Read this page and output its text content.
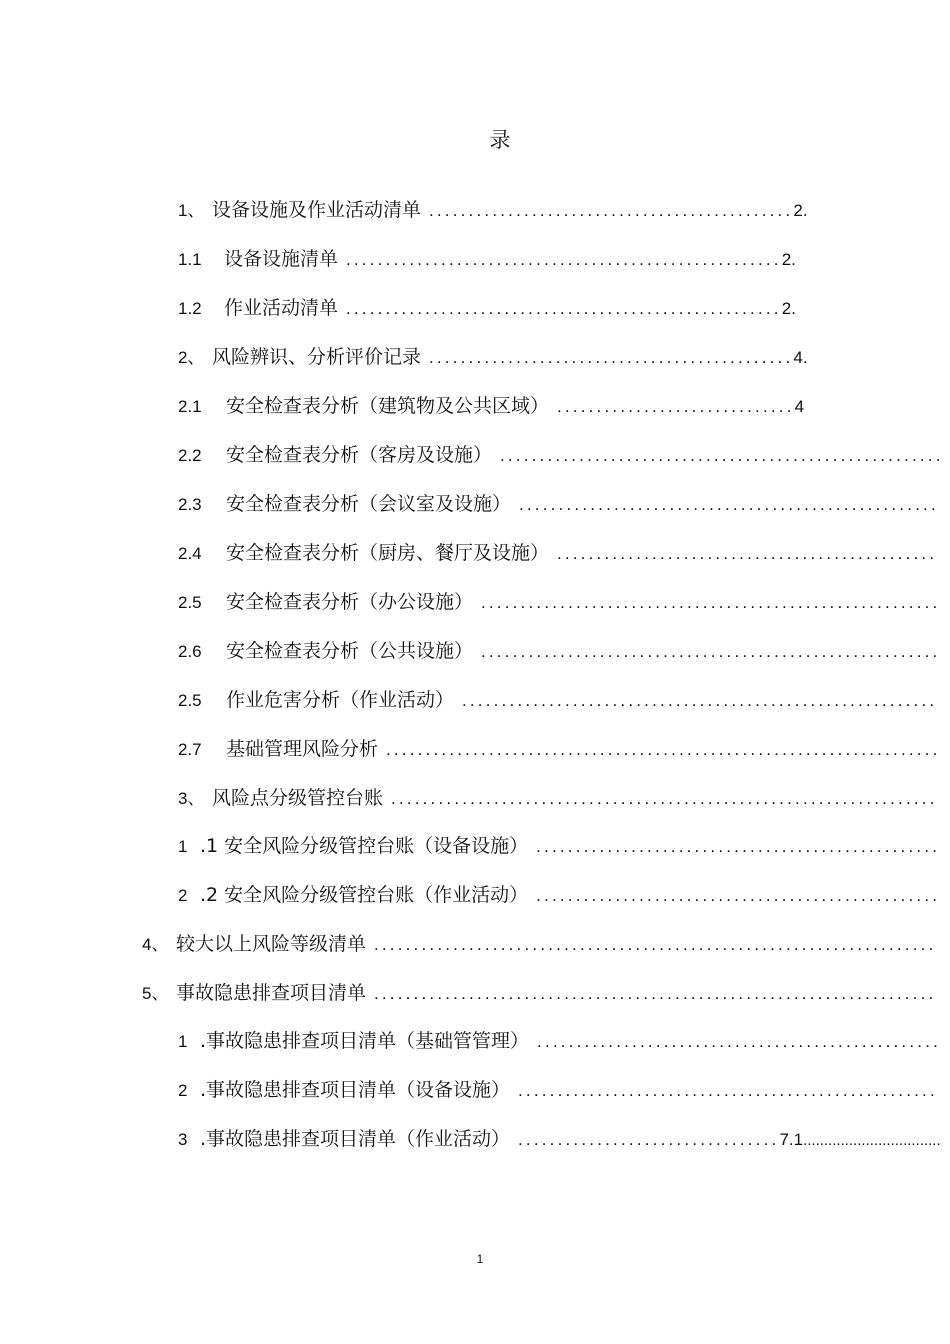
录
1、 设备设施及作业活动清单 ..............................................2.
1.1 设备设施清单 .......................................................2.
1.2 作业活动清单 .......................................................2.
2、 风险辨识、分析评价记录 ..............................................4.
2.1 安全检查表分析（建筑物及公共区域） ..............................4
2.2 安全检查表分析（客房及设施） ........................................................
2.3 安全检查表分析（会议室及设施） .....................................................
2.4 安全检查表分析（厨房、餐厅及设施） ................................................
2.5 安全检查表分析（办公设施） ..........................................................
2.6 安全检查表分析（公共设施） ..........................................................
2.5 作业危害分析（作业活动） ............................................................
2.7 基础管理风险分析 ......................................................................
3、 风险点分级管控台账 .....................................................................
1 .1 安全风险分级管控台账（设备设施） ...................................................
2 .2 安全风险分级管控台账（作业活动） ...................................................
4、 较大以上风险等级清单 .......................................................................
5、 事故隐患排查项目清单 .......................................................................
1 .事故隐患排查项目清单（基础管管理） ...................................................
2 .事故隐患排查项目清单（设备设施） .....................................................
3 .事故隐患排查项目清单（作业活动） .................................7.1.................................
1
